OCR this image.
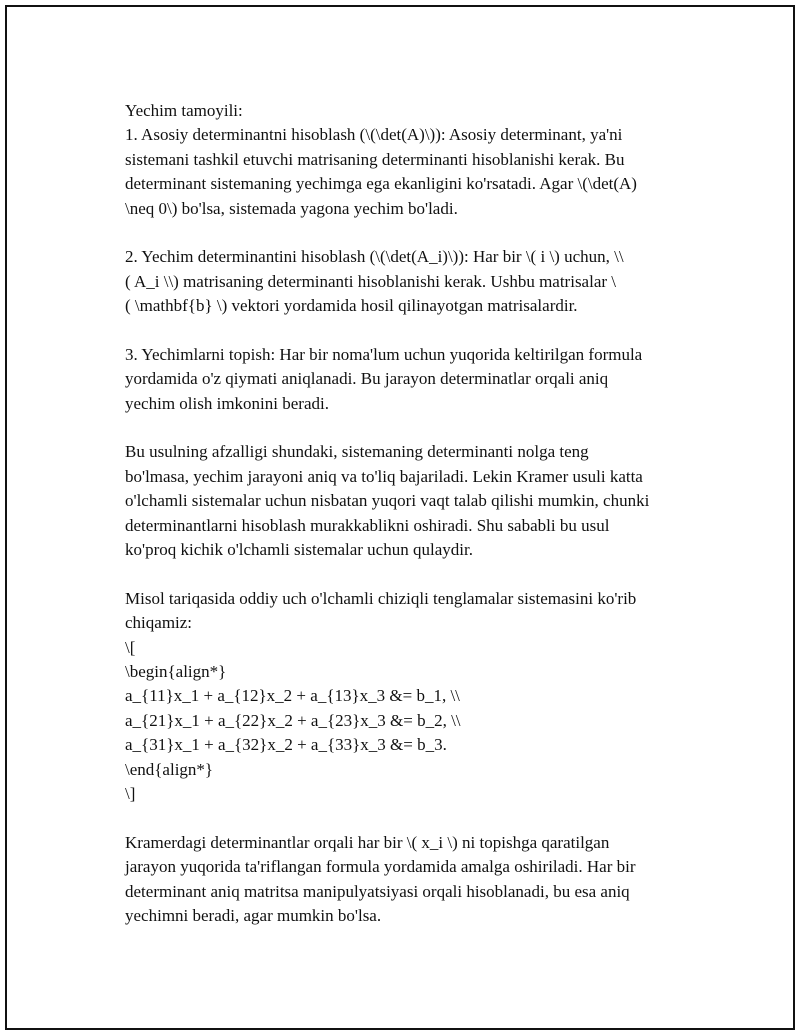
Yechim tamoyili:
1. Asosiy determinantni hisoblash (\(\det(A)\)): Asosiy determinant, ya'ni
sistemani tashkil etuvchi matrisaning determinanti hisoblanishi kerak. Bu
determinant sistemaning yechimga ega ekanligini ko'rsatadi. Agar \(\det(A)
\neq 0\) bo'lsa, sistemada yagona yechim bo'ladi.
2. Yechim determinantini hisoblash (\(\det(A_i)\)): Har bir \( i \) uchun, \\
( A_i \\) matrisaning determinanti hisoblanishi kerak. Ushbu matrisalar \
( \mathbf{b} \) vektori yordamida hosil qilinayotgan matrisalardir.
3. Yechimlarni topish: Har bir noma'lum uchun yuqorida keltirilgan formula
yordamida o'z qiymati aniqlanadi. Bu jarayon determinatlar orqali aniq
yechim olish imkonini beradi.
Bu usulning afzalligi shundaki, sistemaning determinanti nolga teng
bo'lmasa, yechim jarayoni aniq va to'liq bajariladi. Lekin Kramer usuli katta
o'lchamli sistemalar uchun nisbatan yuqori vaqt talab qilishi mumkin, chunki
determinantlarni hisoblash murakkablikni oshiradi. Shu sababli bu usul
ko'proq kichik o'lchamli sistemalar uchun qulaydir.
Misol tariqasida oddiy uch o'lchamli chiziqli tenglamalar sistemasini ko'rib
chiqamiz:
\[
\begin{align*}
a_{11}x_1 + a_{12}x_2 + a_{13}x_3 &= b_1, \\
a_{21}x_1 + a_{22}x_2 + a_{23}x_3 &= b_2, \\
a_{31}x_1 + a_{32}x_2 + a_{33}x_3 &= b_3.
\end{align*}
\]
Kramerdagi determinantlar orqali har bir \( x_i \) ni topishga qaratilgan
jarayon yuqorida ta'riflangan formula yordamida amalga oshiriladi. Har bir
determinant aniq matritsa manipulyatsiyasi orqali hisoblanadi, bu esa aniq
yechimni beradi, agar mumkin bo'lsa.
